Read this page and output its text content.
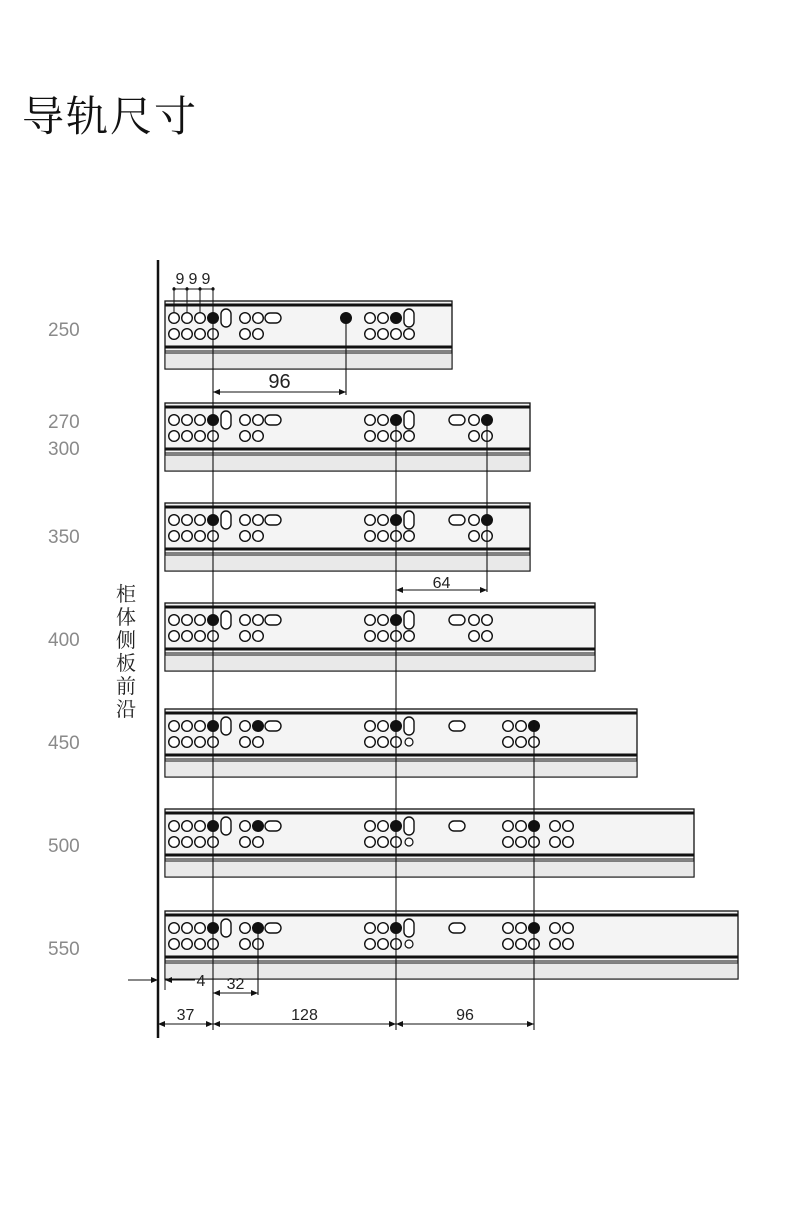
导轨尺寸
250
270
300
350
400
450
500
550
柜
体
侧
板
前
沿
9 9 9
96
64
4 32
37	128	96
